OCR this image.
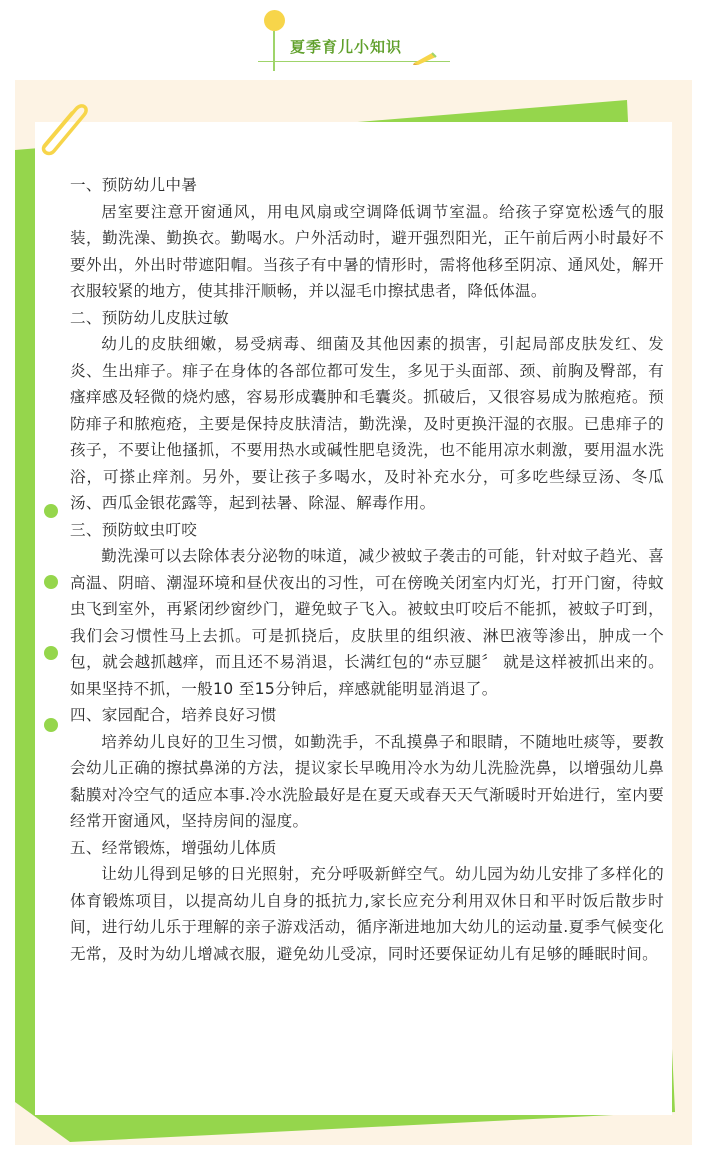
夏季育儿小知识

一、预防幼儿中暑

居室要注意开窗通风，用电风扇或空调降低调节室温。给孩子穿宽松透气的服装，勤洗澡、勤换衣。勤喝水。户外活动时，避开强烈阳光，正午前后两小时最好不要外出，外出时带遮阳帽。当孩子有中暑的情形时，需将他移至阴凉、通风处，解开衣服较紧的地方，使其排汗顺畅，并以湿毛巾擦拭患者，降低体温。

二、预防幼儿皮肤过敏

幼儿的皮肤细嫩，易受病毒、细菌及其他因素的损害，引起局部皮肤发红、发炎、生出痱子。痱子在身体的各部位都可发生，多见于头面部、颈、前胸及臀部，有瘙痒感及轻微的烧灼感，容易形成囊肿和毛囊炎。抓破后，又很容易成为脓疱疮。预防痱子和脓疱疮，主要是保持皮肤清洁，勤洗澡，及时更换汗湿的衣服。已患痱子的孩子，不要让他搔抓，不要用热水或碱性肥皂烫洗，也不能用凉水刺激，要用温水洗浴，可搽止痒剂。另外，要让孩子多喝水，及时补充水分，可多吃些绿豆汤、冬瓜汤、西瓜金银花露等，起到祛暑、除湿、解毒作用。

三、预防蚊虫叮咬

勤洗澡可以去除体表分泌物的味道，减少被蚊子袭击的可能，针对蚊子趋光、喜高温、阴暗、潮湿环境和昼伏夜出的习性，可在傍晚关闭室内灯光，打开门窗，待蚊虫飞到室外，再紧闭纱窗纱门，避免蚊子飞入。被蚊虫叮咬后不能抓，被蚊子叮到，我们会习惯性马上去抓。可是抓挠后，皮肤里的组织液、淋巴液等渗出，肿成一个包，就会越抓越痒，而且还不易消退，长满红包的“赤豆腿〞 就是这样被抓出来的。如果坚持不抓，一般10 至15分钟后，痒感就能明显消退了。

四、家园配合，培养良好习惯

培养幼儿良好的卫生习惯，如勤洗手，不乱摸鼻子和眼睛，不随地吐痰等，要教会幼儿正确的擦拭鼻涕的方法，提议家长早晚用冷水为幼儿洗脸洗鼻，以增强幼儿鼻黏膜对冷空气的适应本事.冷水洗脸最好是在夏天或春天天气渐暖时开始进行，室内要经常开窗通风，坚持房间的湿度。

五、经常锻炼，增强幼儿体质

让幼儿得到足够的日光照射，充分呼吸新鲜空气。幼儿园为幼儿安排了多样化的体育锻炼项目，以提高幼儿自身的抵抗力,家长应充分利用双休日和平时饭后散步时间，进行幼儿乐于理解的亲子游戏活动，循序渐进地加大幼儿的运动量.夏季气候变化无常，及时为幼儿增减衣服，避免幼儿受凉，同时还要保证幼儿有足够的睡眠时间。
